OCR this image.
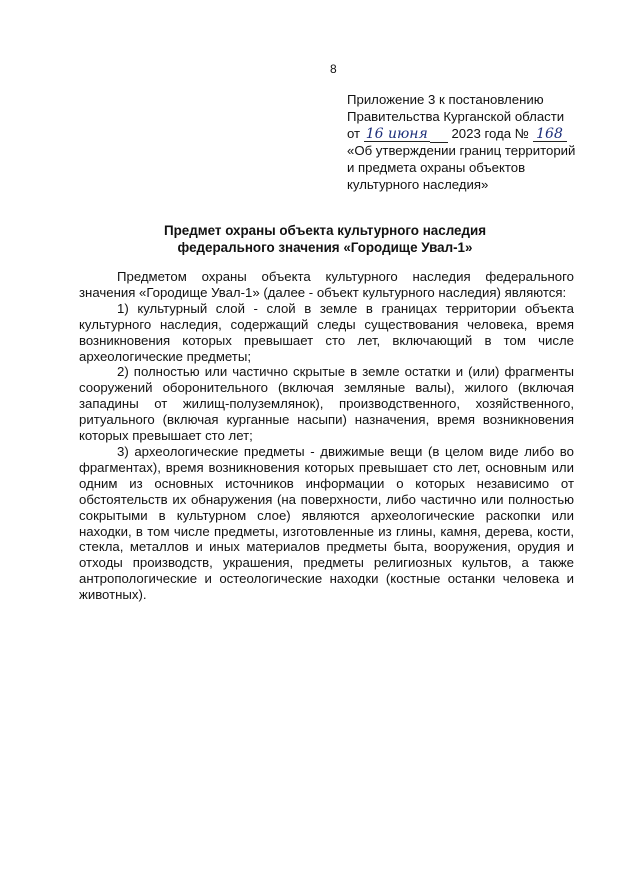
8
Приложение 3 к постановлению
Правительства Курганской области
от 16 июня 2023 года № 168
«Об утверждении границ территорий
и предмета охраны объектов
культурного наследия»
Предмет охраны объекта культурного наследия
федерального значения «Городище Увал-1»

Предметом охраны объекта культурного наследия федерального значения «Городище Увал-1» (далее - объект культурного наследия) являются:

1) культурный слой - слой в земле в границах территории объекта культурного наследия, содержащий следы существования человека, время возникновения которых превышает сто лет, включающий в том числе археологические предметы;

2) полностью или частично скрытые в земле остатки и (или) фрагменты сооружений оборонительного (включая земляные валы), жилого (включая западины от жилищ-полуземлянок), производственного, хозяйственного, ритуального (включая курганные насыпи) назначения, время возникновения которых превышает сто лет;

3) археологические предметы - движимые вещи (в целом виде либо во фрагментах), время возникновения которых превышает сто лет, основным или одним из основных источников информации о которых независимо от обстоятельств их обнаружения (на поверхности, либо частично или полностью сокрытыми в культурном слое) являются археологические раскопки или находки, в том числе предметы, изготовленные из глины, камня, дерева, кости, стекла, металлов и иных материалов предметы быта, вооружения, орудия и отходы производств, украшения, предметы религиозных культов, а также антропологические и остеологические находки (костные останки человека и животных).
